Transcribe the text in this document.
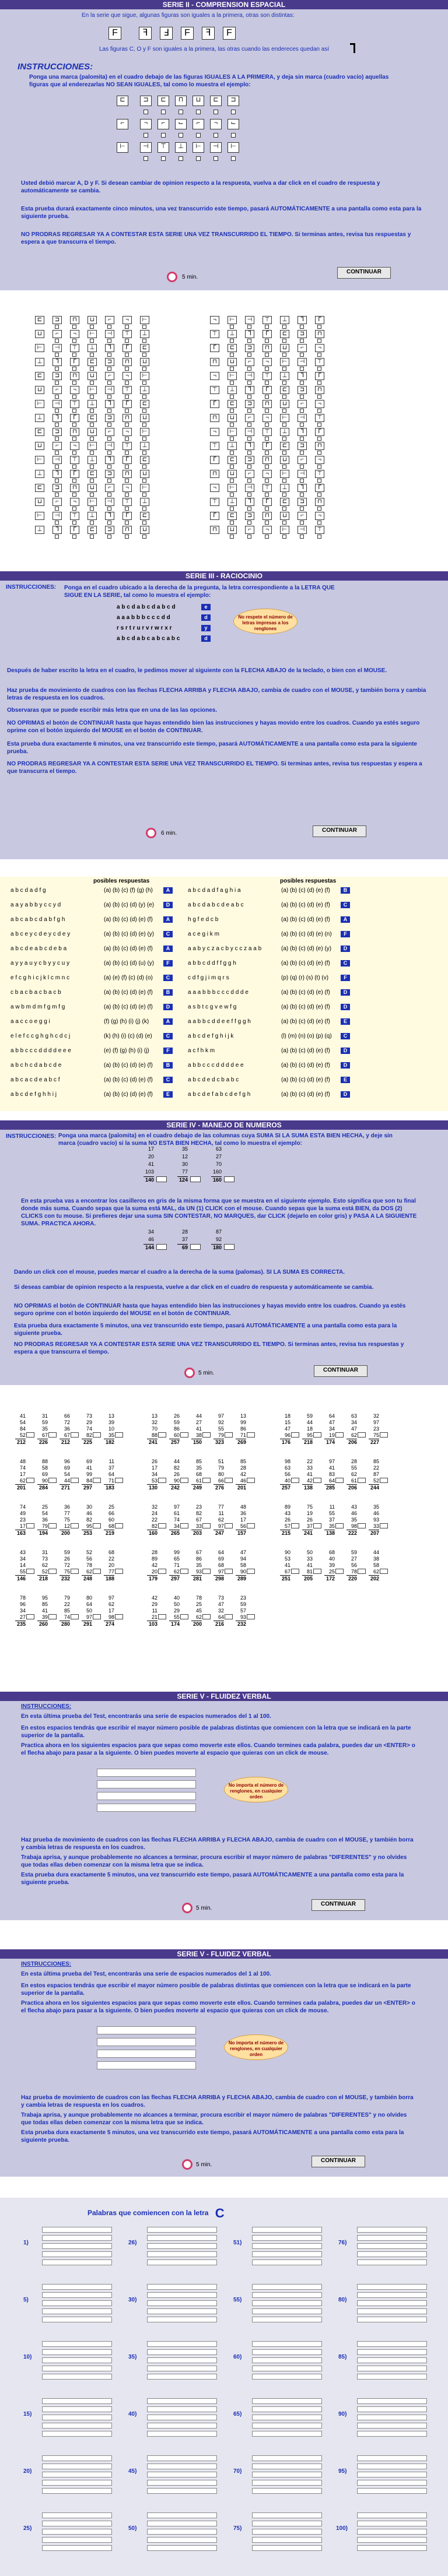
SERIE II - COMPRENSION ESPACIAL
En la serie que sigue, algunas figuras son iguales a la primera, otras son distintas:
F	ꟻ	Ⅎ	F	ꟻ	F
Las figuras C, O y F son iguales a la primera, las otras cuando las endereces quedan así
INSTRUCCIONES:
Ponga una marca (palomita) en el cuadro debajo de las figuras IGUALES A LA PRIMERA, y deja sin marca (cuadro vacío) aquellas figuras que al enderezarlas NO SEAN IGUALES, tal como lo muestra el ejemplo:
⊏	⊐	⊏	⊓	⊔	⊏	⊐
⌐	¬	⌐	⌙	⌐	¬	⌙
⊢	⊣	⊤	⊥	⊢	⊣	⊢
Usted debió marcar A, D y F. Si desean cambiar de opinion respecto a la respuesta, vuelva a dar click en el cuadro de respuesta y automáticamente se cambia.
Esta prueba durará exactamente cinco minutos, una vez transcurrido este tiempo, pasará AUTOMÁTICAMENTE a una pantalla como esta para la siguiente prueba.
NO PRODRAS REGRESAR YA A CONTESTAR ESTA SERIE UNA VEZ TRANSCURRIDO EL TIEMPO. Si terminas antes, revisa tus respuestas y espera a que transcurra el tiempo.
5 min.
CONTINUAR
⊏	⊐	⊓	⊔	⌐	¬	⊢	¬	⊢	⊣	⊤	⊥	ᒣ	ᒥ
⊔	⌐	¬	⊢	⊣	⊤	⊥	⊤	⊥	ᒣ	ᒥ	⊏	⊐	⊓
⊢	⊣	⊤	⊥	ᒣ	ᒥ	⊏	ᒥ	⊏	⊐	⊓	⊔	⌐	¬
⊥	ᒣ	ᒥ	⊏	⊐	⊓	⊔	⊓	⊔	⌐	¬	⊢	⊣	⊤
⊏	⊐	⊓	⊔	⌐	¬	⊢	¬	⊢	⊣	⊤	⊥	ᒣ	ᒥ
⊔	⌐	¬	⊢	⊣	⊤	⊥	⊤	⊥	ᒣ	ᒥ	⊏	⊐	⊓
⊢	⊣	⊤	⊥	ᒣ	ᒥ	⊏	ᒥ	⊏	⊐	⊓	⊔	⌐	¬
⊥	ᒣ	ᒥ	⊏	⊐	⊓	⊔	⊓	⊔	⌐	¬	⊢	⊣	⊤
⊏	⊐	⊓	⊔	⌐	¬	⊢	¬	⊢	⊣	⊤	⊥	ᒣ	ᒥ
⊔	⌐	¬	⊢	⊣	⊤	⊥	⊤	⊥	ᒣ	ᒥ	⊏	⊐	⊓
⊢	⊣	⊤	⊥	ᒣ	ᒥ	⊏	ᒥ	⊏	⊐	⊓	⊔	⌐	¬
⊥	ᒣ	ᒥ	⊏	⊐	⊓	⊔	⊓	⊔	⌐	¬	⊢	⊣	⊤
⊏	⊐	⊓	⊔	⌐	¬	⊢	¬	⊢	⊣	⊤	⊥	ᒣ	ᒥ
⊔	⌐	¬	⊢	⊣	⊤	⊥	⊤	⊥	ᒣ	ᒥ	⊏	⊐	⊓
⊢	⊣	⊤	⊥	ᒣ	ᒥ	⊏	ᒥ	⊏	⊐	⊓	⊔	⌐	¬
⊥	ᒣ	ᒥ	⊏	⊐	⊓	⊔	⊓	⊔	⌐	¬	⊢	⊣	⊤
SERIE III - RACIOCINIO
INSTRUCCIONES: Ponga en el cuadro ubicado a la derecha de la pregunta, la letra correspondiente a la LETRA QUE SIGUE EN LA SERIE, tal como lo muestra el ejemplo:
a b c d a b c d a b c d
a a a b b b c c c d d
r s r t r u r v r w r x r
a b c d a b c a b c a b c
e
d
y
d
No respete el número de letras impresas a los renglones
Después de haber escrito la letra en el cuadro, le pedimos mover al siguiente con la FLECHA ABAJO de la teclado, o bien con el MOUSE.
Haz prueba de movimiento de cuadros con las flechas FLECHA ARRIBA y FLECHA ABAJO, cambia de cuadro con el MOUSE, y también borra y cambia letras de respuesta en los cuadros.
Observaras que se puede escribir más letra que en una de las las opciones.
NO OPRIMAS el botón de CONTINUAR hasta que hayas entendido bien las instrucciones y hayas movido entre los cuadros. Cuando ya estés seguro oprime con el botón izquierdo del MOUSE en el botón de CONTINUAR.
Esta prueba dura exactamente 6 minutos, una vez transcurrido este tiempo, pasará AUTOMÁTICAMENTE a una pantalla como esta para la siguiente prueba.
NO PRODRAS REGRESAR YA A CONTESTAR ESTA SERIE UNA VEZ TRANSCURRIDO EL TIEMPO. Si terminas antes, revisa tus respuestas y espera a que transcurra el tiempo.
6 min.	CONTINUAR
posibles respuestas	posibles respuestas
a b c d a d f g	(a) (b) (c) (f) (g) (h)	A
a a y a b b y c c y d	(a) (b) (c) (d) (y) (e)	D
a b c a b c d a b f g h	(a) (b) (c) (d) (e) (f)	A
a b c e y c d e y c d e y	(a) (b) (c) (d) (e) (y)	C
a b c d e a b c d e b a	(a) (b) (c) (d) (e) (f)	A
a y y a u y c b y y c u y	(a) (b) (c) (d) (u) (y)	F
e f c g h i c j k l c m n c	(a) (e) (f) (c) (d) (o)	C
c b a c b a c b a c b	(a) (b) (c) (d) (e) (f)	B
a w b m d m f g m f g	(a) (b) (c) (d) (e) (f)	D
a a c c o e g g i	(f) (g) (h) (i) (j) (k)	A
e l e f c c g h g h c d c j	(k) (h) (i) (c) (d) (e)	C
a b b c c c d d d d e e e	(e) (f) (g) (h) (i) (j)	F
a b c h c d a b c d e	(a) (b) (c) (d) (e) (f)	B
a b c a c d e a b c f	(a) (b) (c) (d) (e) (f)	C
a b c d e f g h h i j	(a) (b) (c) (d) (e) (f)	E
a b c d a d f a g h i a	(a) (b) (c) (d) (e) (f)	B
a b c d a b c d e a b c	(a) (b) (c) (d) (e) (f)	C
h g f e d c b	(a) (b) (c) (d) (e) (f)	A
a c e g i k m	(a) (b) (c) (d) (e) (n)	F
a a b y c z a c b y c c z a a b	(a) (b) (c) (d) (e) (y)	D
a b b c d d f f g g h	(a) (b) (c) (d) (e) (f)	C
c d f g j i m q r s	(p) (q) (r) (s) (t) (v)	F
a a a b b b c c c d d d e	(a) (b) (c) (d) (e) (f)	D
a s b t c g v e w f g	(a) (b) (c) (d) (e) (f)	D
a a b b c d d e e f f g g h	(a) (b) (c) (d) (e) (f)	E
a b c d e f g h i j k	(l) (m) (n) (o) (p) (q)	C
a c f h k m	(a) (b) (c) (d) (e) (f)	D
a b b c c c d d d d e e	(a) (b) (c) (d) (e) (f)	D
a b c d e d c b a b c	(a) (b) (c) (d) (e) (f)	E
a b c d e f a b c d e f g h	(a) (b) (c) (d) (e) (f)	D
SERIE IV - MANEJO DE NUMEROS
INSTRUCCIONES: Ponga una marca (palomita) en el cuadro debajo de las columnas cuya SUMA SI LA SUMA ESTA BIEN HECHA, y deje sin marca (cuadro vacío) si la suma NO ESTA BIEN HECHA, tal como lo muestra el ejemplo:
17	35	63
20	12	27
41	30	70
103	77	160
140	124	160
En esta prueba vas a encontrar los casilleros en gris de la misma forma que se muestra en el siguiente ejemplo. Esto significa que son tu final donde más suma. Cuando sepas que la suma está MAL, da UN (1) CLICK con el mouse. Cuando sepas que la suma está BIEN, da DOS (2) CLICKS con tu mouse. Si prefieres dejar una suma SIN CONTESTAR, NO MARQUES, dar CLICK (dejarlo en color gris) y PASA A LA SIGUIENTE SUMA. PRACTICA AHORA.
34	28	87
46	37	92
144	69	180
Dando un click con el mouse, puedes marcar el cuadro a la derecha de la suma (palomas). SI LA SUMA ES CORRECTA.
Si deseas cambiar de opinion respecto a la respuesta, vuelve a dar click en el cuadro de respuesta y automáticamente se cambia.
NO OPRIMAS el botón de CONTINUAR hasta que hayas entendido bien las instrucciones y hayas movido entre los cuadros. Cuando ya estés seguro oprime con el botón izquierdo del MOUSE en el botón de CONTINUAR.
Esta prueba dura exactamente 5 minutos, una vez transcurrido este tiempo, pasará AUTOMÁTICAMENTE a una pantalla como esta para la siguiente prueba.
NO PRODRAS REGRESAR YA A CONTESTAR ESTA SERIE UNA VEZ TRANSCURRIDO EL TIEMPO. Si terminas antes, revisa tus respuestas y espera a que transcurra el tiempo.
5 min.	CONTINUAR
41	31	66	73	13
54	59	72	29	39
84	35	36	74	10
52	67	67	82	35
212	226	212	225	182
13	26	44	97	13
32	59	27	92	99
70	86	41	55	86
88	60	38	79	71
241	257	150	323	269
18	59	64	63	32
15	44	47	34	97
47	18	34	47	23
96	95	19	62	75
176	218	174	206	227
48	88	96	69	11
74	58	69	41	37
17	69	54	99	64
62	90	44	84	71
201	284	271	297	183
26	44	85	51	85
17	82	35	79	28
34	26	68	80	42
53	90	61	66	46
130	242	249	276	201
98	22	97	28	85
63	33	41	55	22
56	41	83	62	87
40	42	64	61	52
257	138	285	206	244
74	25	36	30	25
49	54	77	46	66
23	36	75	82	60
17	79	12	95	68
163	194	200	253	219
32	97	23	77	48
24	61	82	11	36
22	74	67	62	17
82	34	33	97	56
160	265	203	247	157
89	75	11	43	35
43	19	55	46	46
26	26	37	35	93
57	37	35	98	33
215	241	138	222	207
43	31	59	52	68
34	73	26	56	22
14	62	72	78	20
55	52	75	62	77
146	218	232	248	188
28	99	67	64	47
89	65	86	69	94
42	71	35	68	58
20	62	93	97	90
179	297	281	298	289
90	50	68	59	44
53	33	40	27	38
41	41	39	56	58
67	81	25	78	62
251	205	172	220	202
78	95	79	80	97
96	85	22	64	62
34	41	85	50	17
27	39	74	97	98
235	260	280	291	274
42	40	78	73	23
29	50	25	47	59
11	29	45	32	57
21	55	62	64	93
103	174	200	216	232
SERIE V - FLUIDEZ VERBAL
INSTRUCCIONES:
En esta última prueba del Test, encontrarás una serie de espacios numerados del 1 al 100.
En estos espacios tendrás que escribir el mayor número posible de palabras distintas que comiencen con la letra que se indicará en la parte superior de la pantalla.
Practica ahora en los siguientes espacios para que sepas como moverte este ellos. Cuando termines cada palabra, puedes dar un <ENTER> o el flecha abajo para pasar a la siguiente. O bien puedes moverte al espacio que quieras con un click de mouse.
No importa el número de renglones, en cualquier orden
Haz prueba de movimiento de cuadros con las flechas FLECHA ARRIBA y FLECHA ABAJO, cambia de cuadro con el MOUSE, y también borra y cambia letras de respuesta en los cuadros.
Trabaja aprisa, y aunque probablemente no alcances a terminar, procura escribir el mayor número de palabras "DIFERENTES" y no olvides que todas ellas deben comenzar con la misma letra que se indica.
Esta prueba dura exactamente 5 minutos, una vez transcurrido este tiempo, pasará AUTOMÁTICAMENTE a una pantalla como esta para la siguiente prueba.
5 min.
CONTINUAR
SERIE V - FLUIDEZ VERBAL
INSTRUCCIONES:
En esta última prueba del Test, encontrarás una serie de espacios numerados del 1 al 100.
En estos espacios tendrás que escribir el mayor número posible de palabras distintas que comiencen con la letra que se indicará en la parte superior de la pantalla.
Practica ahora en los siguientes espacios para que sepas como moverte este ellos. Cuando termines cada palabra, puedes dar un <ENTER> o el flecha abajo para pasar a la siguiente. O bien puedes moverte al espacio que quieras con un click de mouse.
No importa el número de renglones, en cualquier orden
Haz prueba de movimiento de cuadros con las flechas FLECHA ARRIBA y FLECHA ABAJO, cambia de cuadro con el MOUSE, y también borra y cambia letras de respuesta en los cuadros.
Trabaja aprisa, y aunque probablemente no alcances a terminar, procura escribir el mayor número de palabras "DIFERENTES" y no olvides que todas ellas deben comenzar con la misma letra que se indica.
Esta prueba dura exactamente 5 minutos, una vez transcurrido este tiempo, pasará AUTOMÁTICAMENTE a una pantalla como esta para la siguiente prueba.
5 min.
CONTINUAR
Palabras que comiencen con la letra C
1)	26)	51)	76)
5)	30)	55)	80)
10)	35)	60)	85)
15)	40)	65)	90)
20)	45)	70)	95)
25)	50)	75)	100)
